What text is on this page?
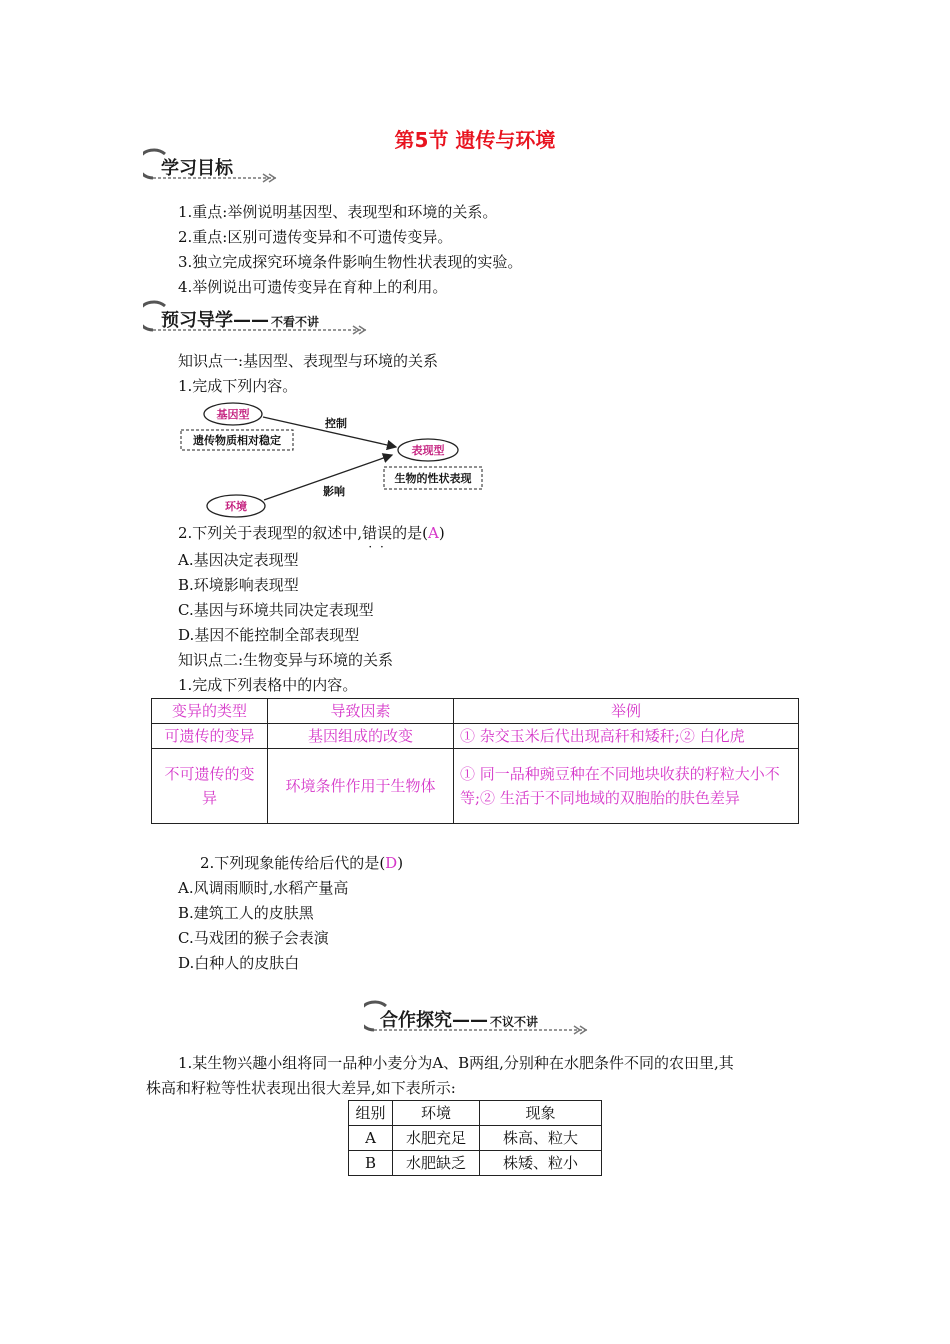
第5节 遗传与环境
学习目标
1.重点:举例说明基因型、表现型和环境的关系。
2.重点:区别可遗传变异和不可遗传变异。
3.独立完成探究环境条件影响生物性状表现的实验。
4.举例说出可遗传变异在育种上的利用。
预习导学—— 不看不讲
知识点一:基因型、表现型与环境的关系
1.完成下列内容。
基因型
遗传物质相对稳定
控制
表现型
生物的性状表现
环境
影响
2.下列关于表现型的叙述中,错误 · ·的是(A)
A.基因决定表现型
B.环境影响表现型
C.基因与环境共同决定表现型
D.基因不能控制全部表现型
知识点二:生物变异与环境的关系
1.完成下列表格中的内容。
变异的类型	导致因素	举例
可遗传的变异	基因组成的改变	① 杂交玉米后代出现高秆和矮秆;② 白化虎
不可遗传的变异	环境条件作用于生物体	① 同一品种豌豆种在不同地块收获的籽粒大小不等;② 生活于不同地域的双胞胎的肤色差异
2.下列现象能传给后代的是(D)
A.风调雨顺时,水稻产量高
B.建筑工人的皮肤黑
C.马戏团的猴子会表演
D.白种人的皮肤白
合作探究—— 不议不讲
1.某生物兴趣小组将同一品种小麦分为A、B两组,分别种在水肥条件不同的农田里,其
株高和籽粒等性状表现出很大差异,如下表所示:
组别	环境	现象
A	水肥充足	株高、粒大
B	水肥缺乏	株矮、粒小
